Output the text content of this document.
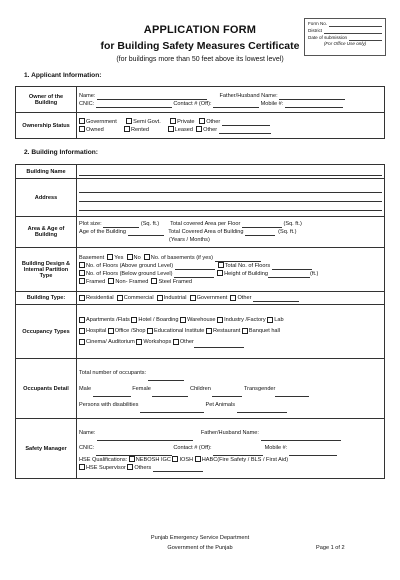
APPLICATION FORM
for Building Safety Measures Certificate
(for buildings more than 50 feet above its lowest level)
Form No.
District
Date of submission
(For Office Use only)
1. Applicant Information:
Owner of the Building	Name: Father/Husband Name:
CNIC: Contact # (Off): Mobile #:

Ownership Status	Government Semi Govt. Private Other
Owned Rented Leased Other
2. Building Information:
Building Name	

Address	

Area & Age of Building	Plot size: (Sq. ft.) Total covered Area per Floor (Sq. ft.)
Age of the Building Total Covered Area of Building (Sq. ft.)
(Years / Months)

Building Design & Internal Partition Type	Basement Yes No No. of basements (if yes)
No. of Floors (Above ground Level) Total No. of Floors
No. of Floors (Below ground Level) Height of Building (ft.)
Framed Non- Framed Steel Framed

Building Type:	Residential Commercial Industrial Government Other

Occupancy Types	Apartments /Flats Hotel / Boarding Warehouse Industry /Factory Lab
Hospital Office /Shop Educational Institute Restaurant Banquet hall
Cinema/ Auditorium Workshops Other

Occupants Detail	Total number of occupants:
Male Female Children Transgender
Persons with disabilities Pet Animals

Safety Manager	Name: Father/Husband Name:
CNIC: Contact # (Off): Mobile #:
HSE Qualifications: NEBOSH IGC IOSH HABC(Fire Safety / BLS / First Aid)
HSE Supervisor Others
Punjab Emergency Service Department
Government of the Punjab	Page 1 of 2
